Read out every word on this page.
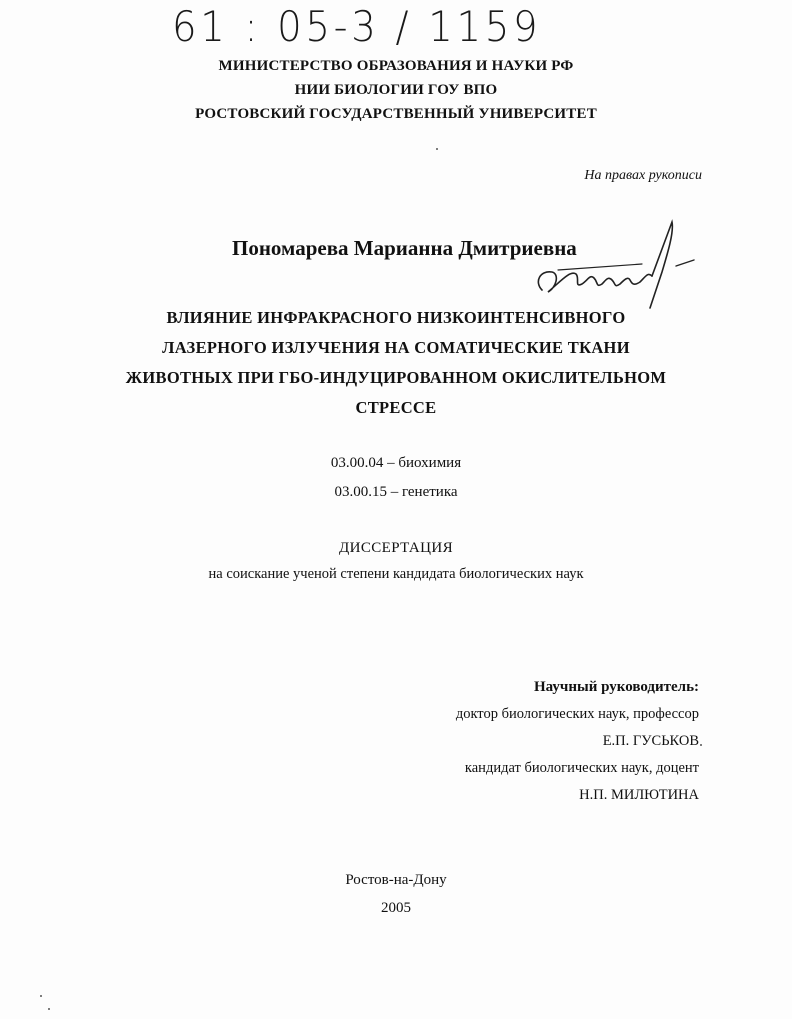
61 : 05-3 / 1159
МИНИСТЕРСТВО ОБРАЗОВАНИЯ И НАУКИ РФ
НИИ БИОЛОГИИ ГОУ ВПО
РОСТОВСКИЙ ГОСУДАРСТВЕННЫЙ УНИВЕРСИТЕТ
На правах рукописи
Пономарева Марианна Дмитриевна
ВЛИЯНИЕ ИНФРАКРАСНОГО НИЗКОИНТЕНСИВНОГО
ЛАЗЕРНОГО ИЗЛУЧЕНИЯ НА СОМАТИЧЕСКИЕ ТКАНИ
ЖИВОТНЫХ ПРИ ГБО-ИНДУЦИРОВАННОМ ОКИСЛИТЕЛЬНОМ
СТРЕССЕ
03.00.04 – биохимия
03.00.15 – генетика
ДИССЕРТАЦИЯ
на соискание ученой степени кандидата биологических наук
Научный руководитель:
доктор биологических наук, профессор
Е.П. ГУСЬКОВ
кандидат биологических наук, доцент
Н.П. МИЛЮТИНА
Ростов-на-Дону
2005
